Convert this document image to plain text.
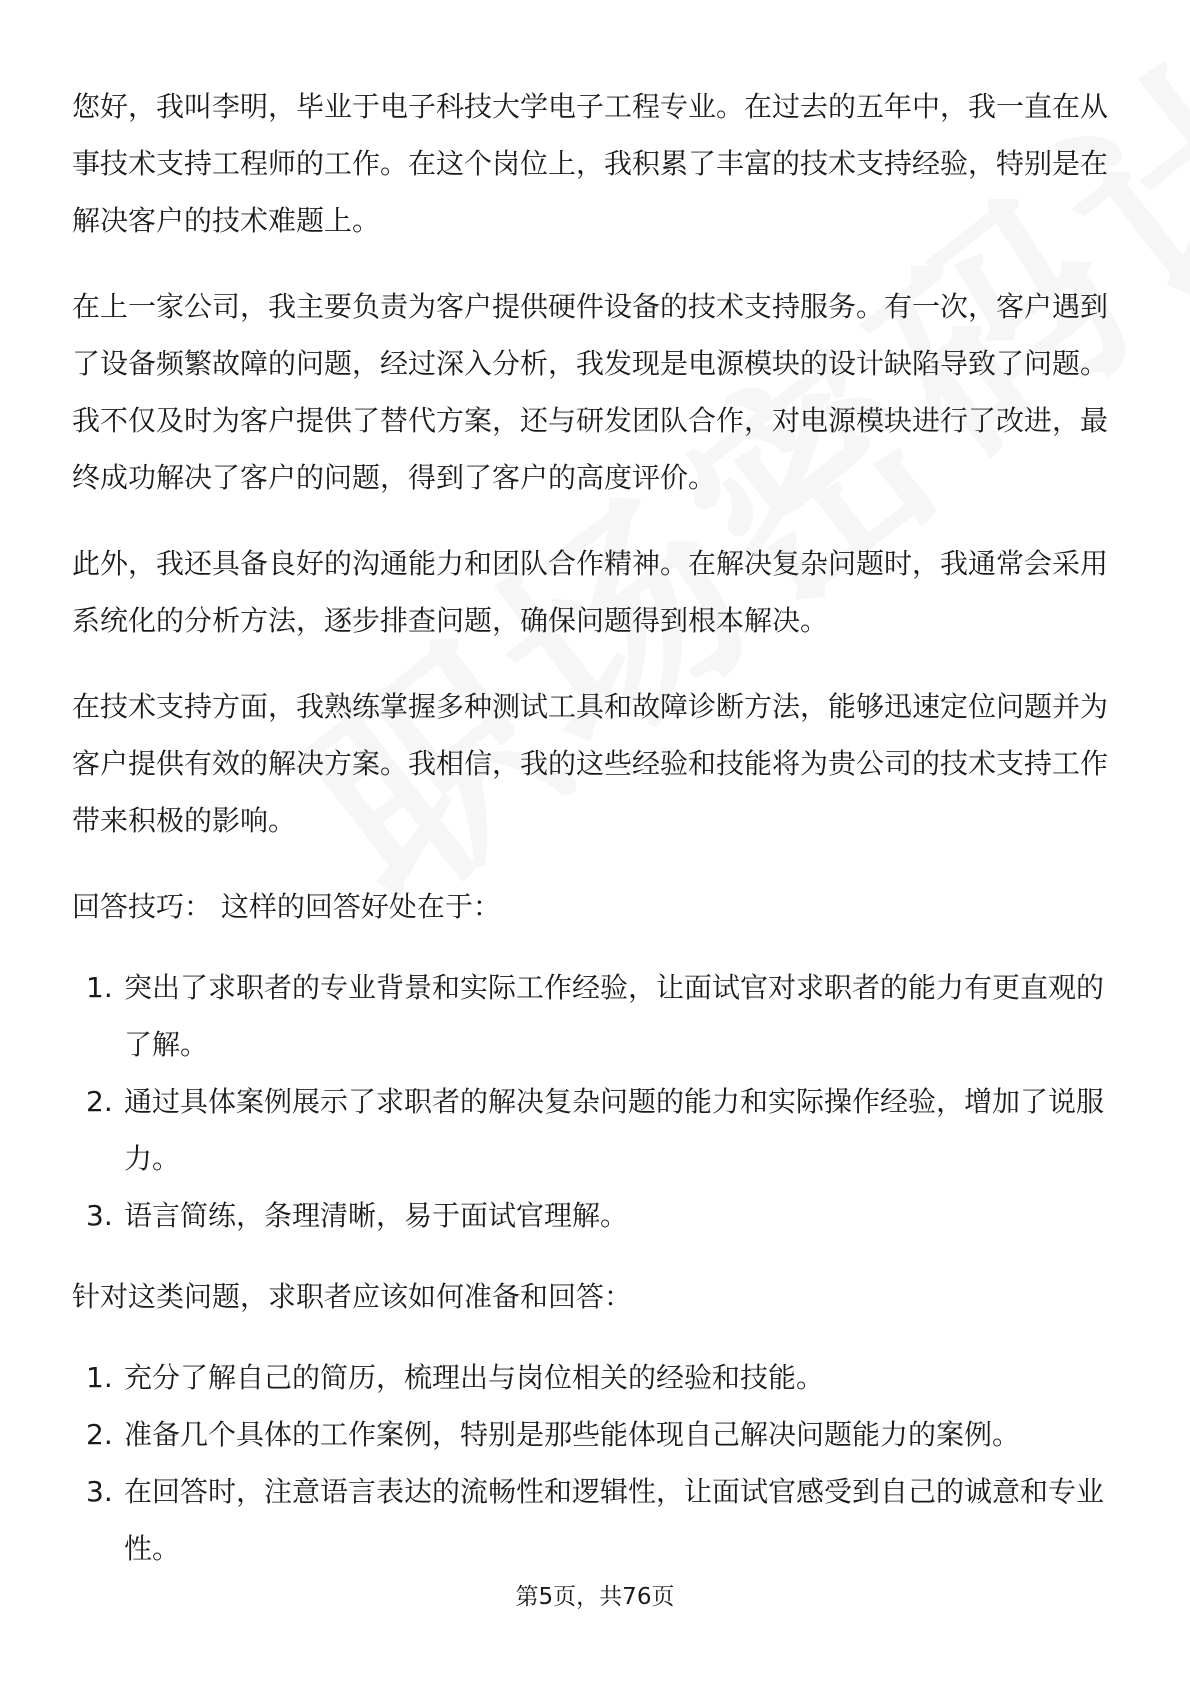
您好，我叫李明，毕业于电子科技大学电子工程专业。在过去的五年中，我一直在从事技术支持工程师的工作。在这个岗位上，我积累了丰富的技术支持经验，特别是在解决客户的技术难题上。

在上一家公司，我主要负责为客户提供硬件设备的技术支持服务。有一次，客户遇到了设备频繁故障的问题，经过深入分析，我发现是电源模块的设计缺陷导致了问题。我不仅及时为客户提供了替代方案，还与研发团队合作，对电源模块进行了改进，最终成功解决了客户的问题，得到了客户的高度评价。

此外，我还具备良好的沟通能力和团队合作精神。在解决复杂问题时，我通常会采用系统化的分析方法，逐步排查问题，确保问题得到根本解决。

在技术支持方面，我熟练掌握多种测试工具和故障诊断方法，能够迅速定位问题并为客户提供有效的解决方案。我相信，我的这些经验和技能将为贵公司的技术支持工作带来积极的影响。

回答技巧： 这样的回答好处在于：

1. 突出了求职者的专业背景和实际工作经验，让面试官对求职者的能力有更直观的了解。
2. 通过具体案例展示了求职者的解决复杂问题的能力和实际操作经验，增加了说服力。
3. 语言简练，条理清晰，易于面试官理解。

针对这类问题，求职者应该如何准备和回答：

1. 充分了解自己的简历，梳理出与岗位相关的经验和技能。
2. 准备几个具体的工作案例，特别是那些能体现自己解决问题能力的案例。
3. 在回答时，注意语言表达的流畅性和逻辑性，让面试官感受到自己的诚意和专业性。
第5页，共76页
